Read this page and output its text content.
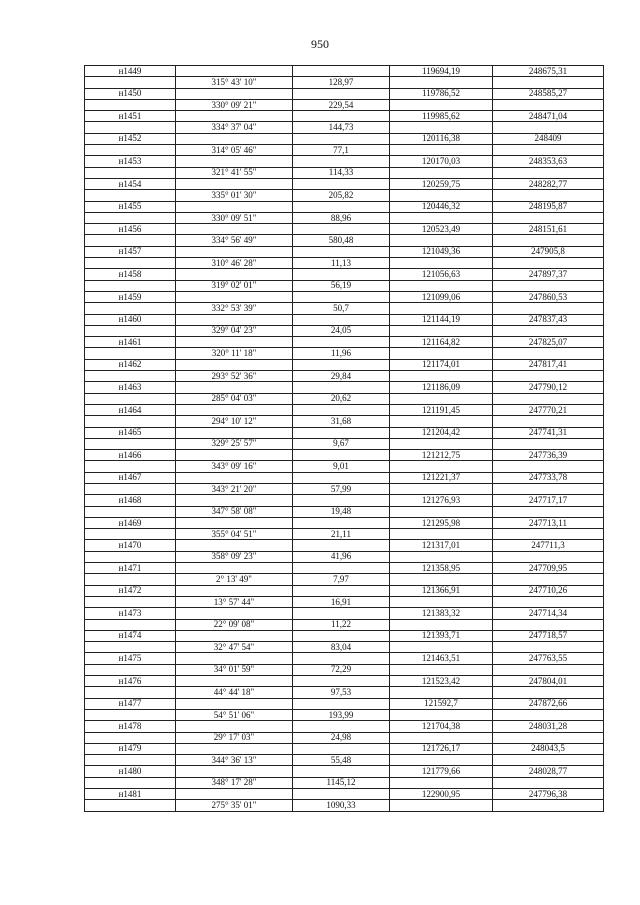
950
н1449			119694,19	248675,31
	315° 43' 10"	128,97		
н1450			119786,52	248585,27
	330° 09' 21"	229,54		
н1451			119985,62	248471,04
	334° 37' 04"	144,73		
н1452			120116,38	248409
	314° 05' 46"	77,1		
н1453			120170,03	248353,63
	321° 41' 55"	114,33		
н1454			120259,75	248282,77
	335° 01' 30"	205,82		
н1455			120446,32	248195,87
	330° 09' 51"	88,96		
н1456			120523,49	248151,61
	334° 56' 49"	580,48		
н1457			121049,36	247905,8
	310° 46' 28"	11,13		
н1458			121056,63	247897,37
	319° 02' 01"	56,19		
н1459			121099,06	247860,53
	332° 53' 39"	50,7		
н1460			121144,19	247837,43
	329° 04' 23"	24,05		
н1461			121164,82	247825,07
	320° 11' 18"	11,96		
н1462			121174,01	247817,41
	293° 52' 36"	29,84		
н1463			121186,09	247790,12
	285° 04' 03"	20,62		
н1464			121191,45	247770,21
	294° 10' 12"	31,68		
н1465			121204,42	247741,31
	329° 25' 57"	9,67		
н1466			121212,75	247736,39
	343° 09' 16"	9,01		
н1467			121221,37	247733,78
	343° 21' 20"	57,99		
н1468			121276,93	247717,17
	347° 58' 08"	19,48		
н1469			121295,98	247713,11
	355° 04' 51"	21,11		
н1470			121317,01	247711,3
	358° 09' 23"	41,96		
н1471			121358,95	247709,95
	2° 13' 49"	7,97		
н1472			121366,91	247710,26
	13° 57' 44"	16,91		
н1473			121383,32	247714,34
	22° 09' 08"	11,22		
н1474			121393,71	247718,57
	32° 47' 54"	83,04		
н1475			121463,51	247763,55
	34° 01' 59"	72,29		
н1476			121523,42	247804,01
	44° 44' 18"	97,53		
н1477			121592,7	247872,66
	54° 51' 06"	193,99		
н1478			121704,38	248031,28
	29° 17' 03"	24,98		
н1479			121726,17	248043,5
	344° 36' 13"	55,48		
н1480			121779,66	248028,77
	348° 17' 28"	1145,12		
н1481			122900,95	247796,38
	275° 35' 01"	1090,33		
